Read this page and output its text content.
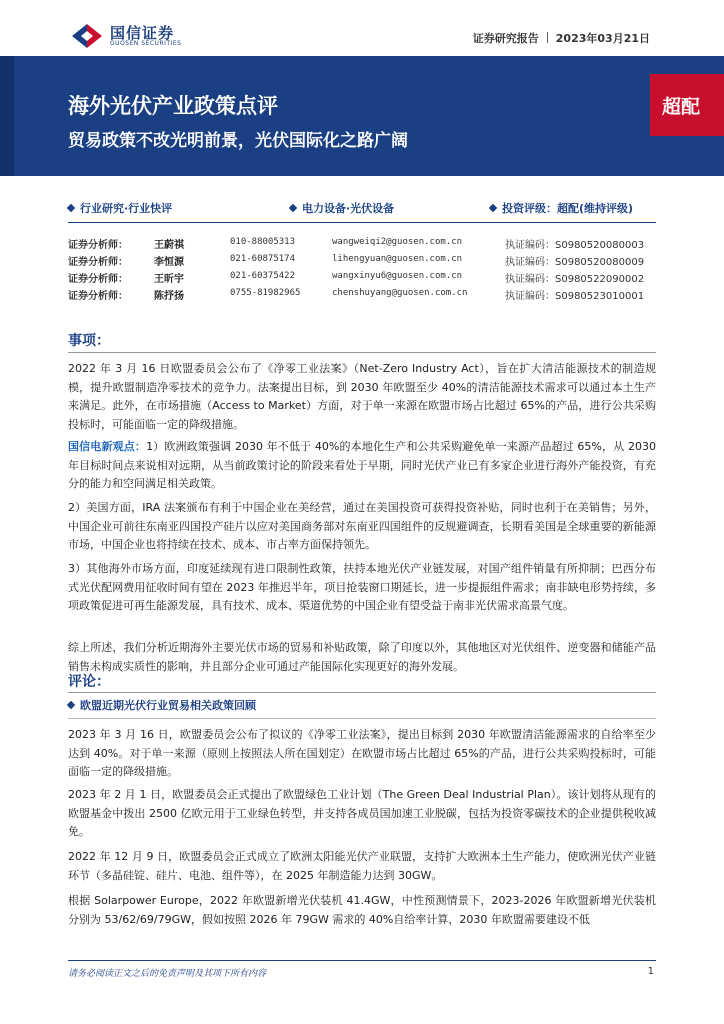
国信证券
GUOSEN SECURITIES	证券研究报告 2023年03月21日
海外光伏产业政策点评
贸易政策不改光明前景，光伏国际化之路广阔
超配
行业研究·行业快评	电力设备·光伏设备	投资评级：超配(维持评级)
证券分析师：	王蔚祺	010-88005313	wangweiqi2@guosen.com.cn	执证编码：S0980520080003
证券分析师：	李恒源	021-60875174	lihengyuan@guosen.com.cn	执证编码：S0980520080009
证券分析师：	王昕宇	021-60375422	wangxinyu6@guosen.com.cn	执证编码：S0980522090002
证券分析师：	陈抒扬	0755-81982965	chenshuyang@guosen.com.cn	执证编码：S0980523010001
事项：
2022 年 3 月 16 日欧盟委员会公布了《净零工业法案》（Net-Zero Industry Act），旨在扩大清洁能源技术的制造规模，提升欧盟制造净零技术的竞争力。法案提出目标，到 2030 年欧盟至少 40%的清洁能源技术需求可以通过本土生产来满足。此外，在市场措施（Access to Market）方面，对于单一来源在欧盟市场占比超过 65%的产品，进行公共采购投标时，可能面临一定的降级措施。
国信电新观点：1）欧洲政策强调 2030 年不低于 40%的本地化生产和公共采购避免单一来源产品超过 65%，从 2030 年目标时间点来说相对远期，从当前政策讨论的阶段来看处于早期，同时光伏产业已有多家企业进行海外产能投资，有充分的能力和空间满足相关政策。
2）美国方面，IRA 法案颁布有利于中国企业在美经营，通过在美国投资可获得投资补贴，同时也利于在美销售；另外，中国企业可前往东南亚四国投产硅片以应对美国商务部对东南亚四国组件的反规避调查，长期看美国是全球重要的新能源市场，中国企业也将持续在技术、成本、市占率方面保持领先。
3）其他海外市场方面，印度延续现有进口限制性政策，扶持本地光伏产业链发展，对国产组件销量有所抑制；巴西分布式光伏配网费用征收时间有望在 2023 年推迟半年，项目抢装窗口期延长，进一步提振组件需求；南非缺电形势持续，多项政策促进可再生能源发展，具有技术、成本、渠道优势的中国企业有望受益于南非光伏需求高景气度。
综上所述，我们分析近期海外主要光伏市场的贸易和补贴政策，除了印度以外，其他地区对光伏组件、逆变器和储能产品销售未构成实质性的影响，并且部分企业可通过产能国际化实现更好的海外发展。
评论：
欧盟近期光伏行业贸易相关政策回顾
2023 年 3 月 16 日，欧盟委员会公布了拟议的《净零工业法案》，提出目标到 2030 年欧盟清洁能源需求的自给率至少达到 40%。对于单一来源（原则上按照法人所在国划定）在欧盟市场占比超过 65%的产品，进行公共采购投标时，可能面临一定的降级措施。
2023 年 2 月 1 日，欧盟委员会正式提出了欧盟绿色工业计划（The Green Deal Industrial Plan）。该计划将从现有的欧盟基金中拨出 2500 亿欧元用于工业绿色转型，并支持各成员国加速工业脱碳，包括为投资零碳技术的企业提供税收减免。
2022 年 12 月 9 日，欧盟委员会正式成立了欧洲太阳能光伏产业联盟，支持扩大欧洲本土生产能力，使欧洲光伏产业链环节（多晶硅锭、硅片、电池、组件等），在 2025 年制造能力达到 30GW。
根据 Solarpower Europe，2022 年欧盟新增光伏装机 41.4GW，中性预测情景下，2023-2026 年欧盟新增光伏装机分别为 53/62/69/79GW，假如按照 2026 年 79GW 需求的 40%自给率计算，2030 年欧盟需要建设不低
请务必阅读正文之后的免责声明及其项下所有内容	1
